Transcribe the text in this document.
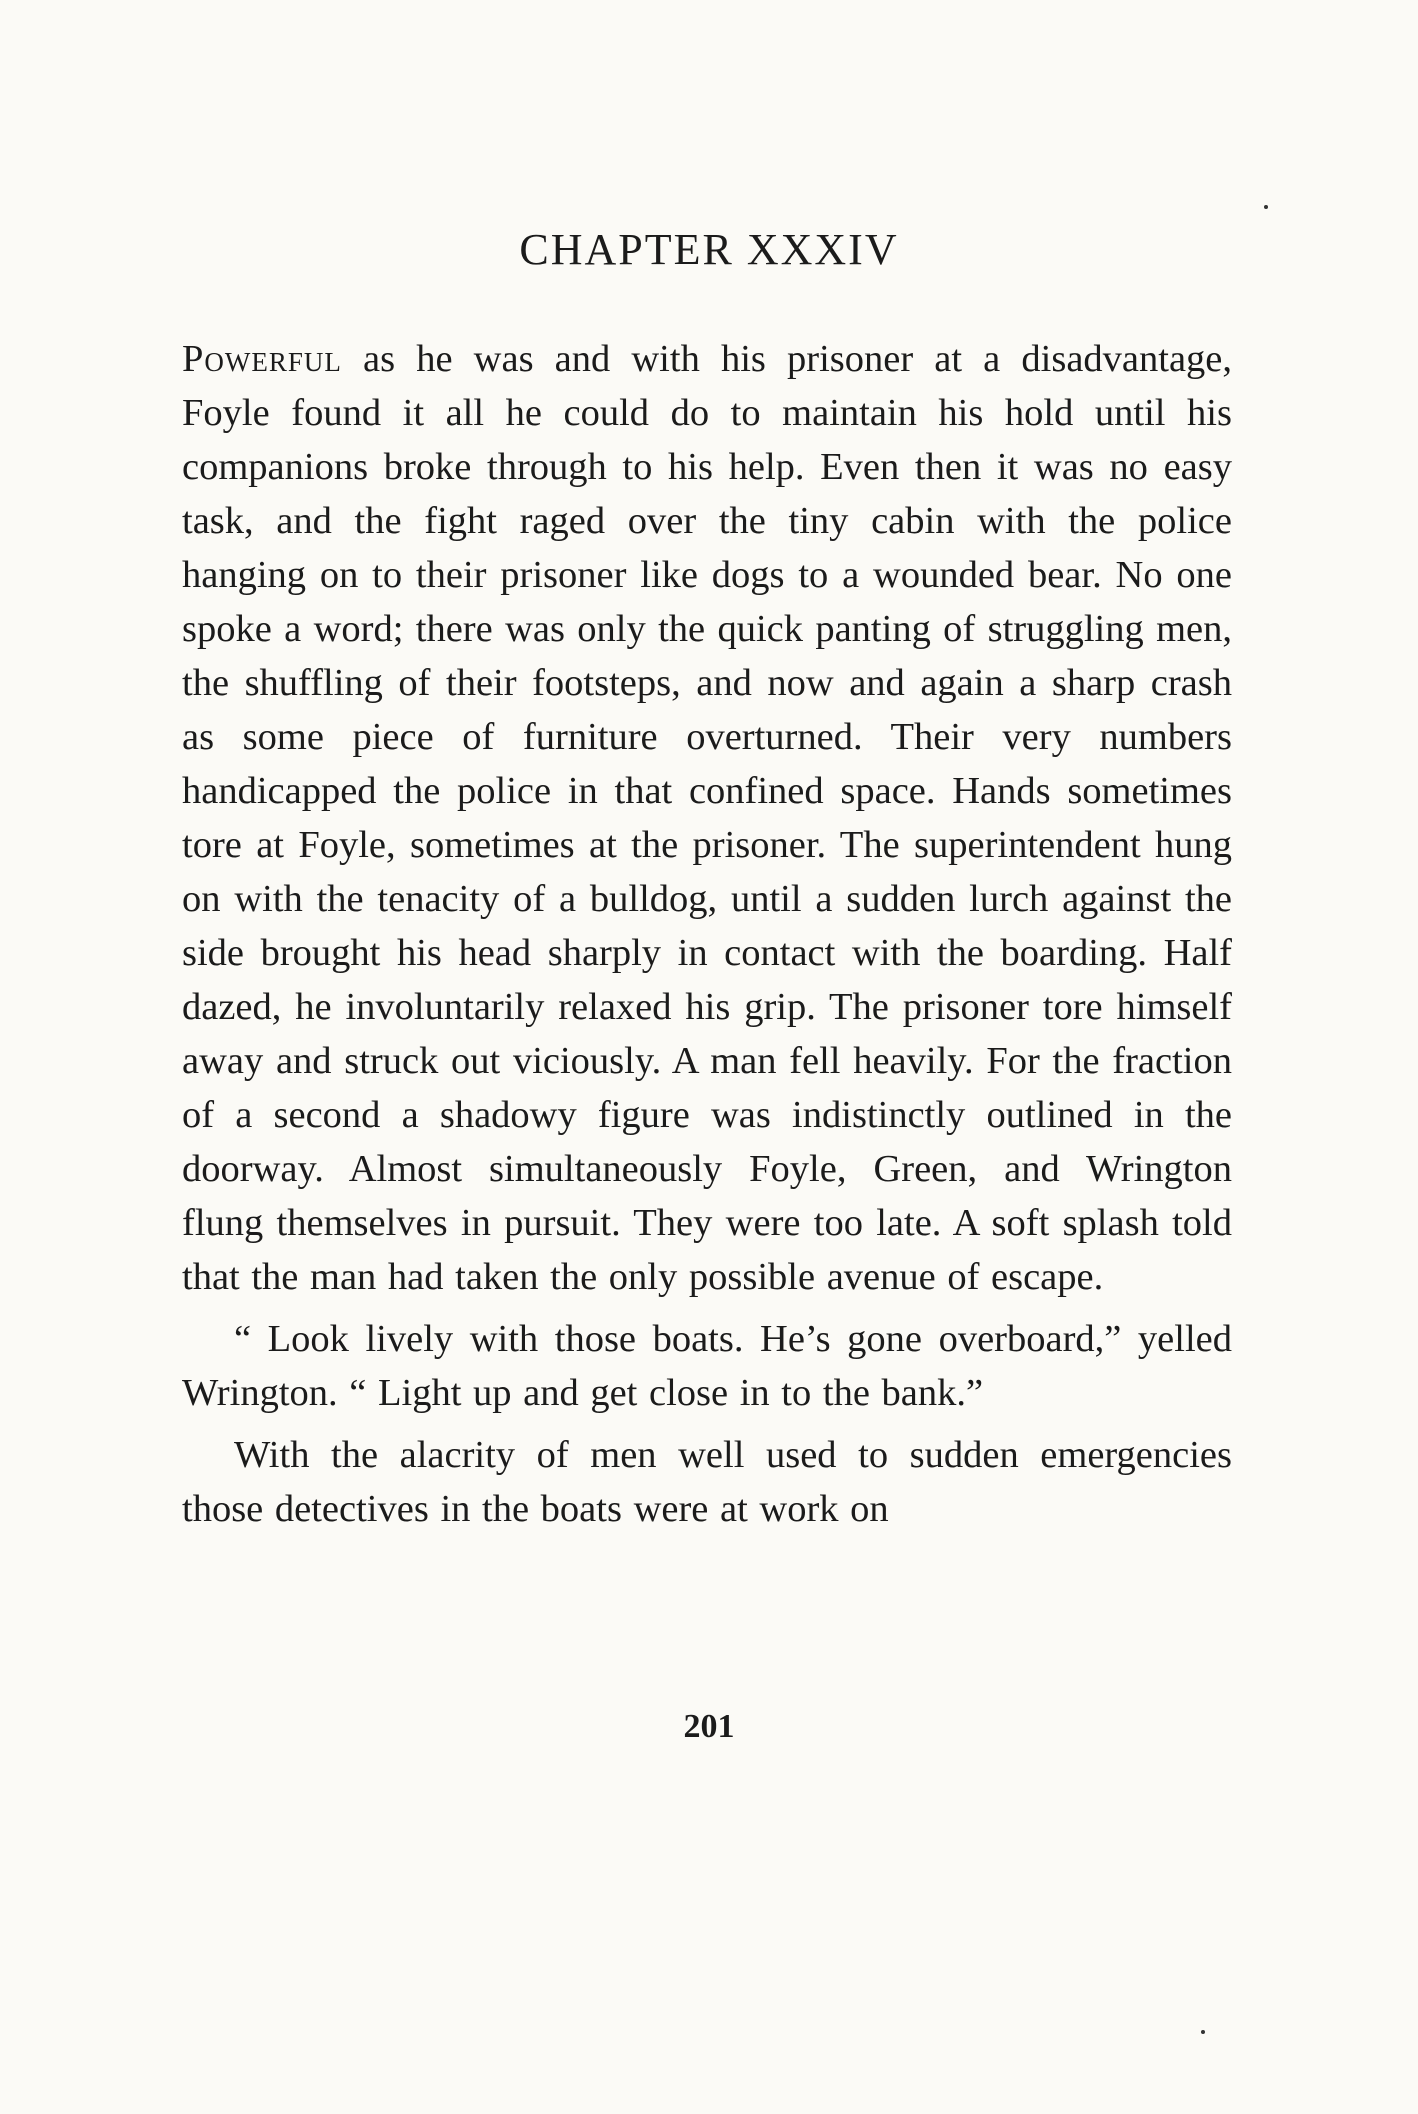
CHAPTER XXXIV

Powerful as he was and with his prisoner at a disadvantage, Foyle found it all he could do to maintain his hold until his companions broke through to his help. Even then it was no easy task, and the fight raged over the tiny cabin with the police hanging on to their prisoner like dogs to a wounded bear. No one spoke a word; there was only the quick panting of struggling men, the shuffling of their footsteps, and now and again a sharp crash as some piece of furniture overturned. Their very numbers handicapped the police in that confined space. Hands sometimes tore at Foyle, sometimes at the prisoner. The superintendent hung on with the tenacity of a bulldog, until a sudden lurch against the side brought his head sharply in contact with the boarding. Half dazed, he involuntarily relaxed his grip. The prisoner tore himself away and struck out viciously. A man fell heavily. For the fraction of a second a shadowy figure was indistinctly outlined in the doorway. Almost simultaneously Foyle, Green, and Wrington flung themselves in pursuit. They were too late. A soft splash told that the man had taken the only possible avenue of escape.

“ Look lively with those boats. He’s gone overboard,” yelled Wrington. “ Light up and get close in to the bank.”

With the alacrity of men well used to sudden emergencies those detectives in the boats were at work on

201
